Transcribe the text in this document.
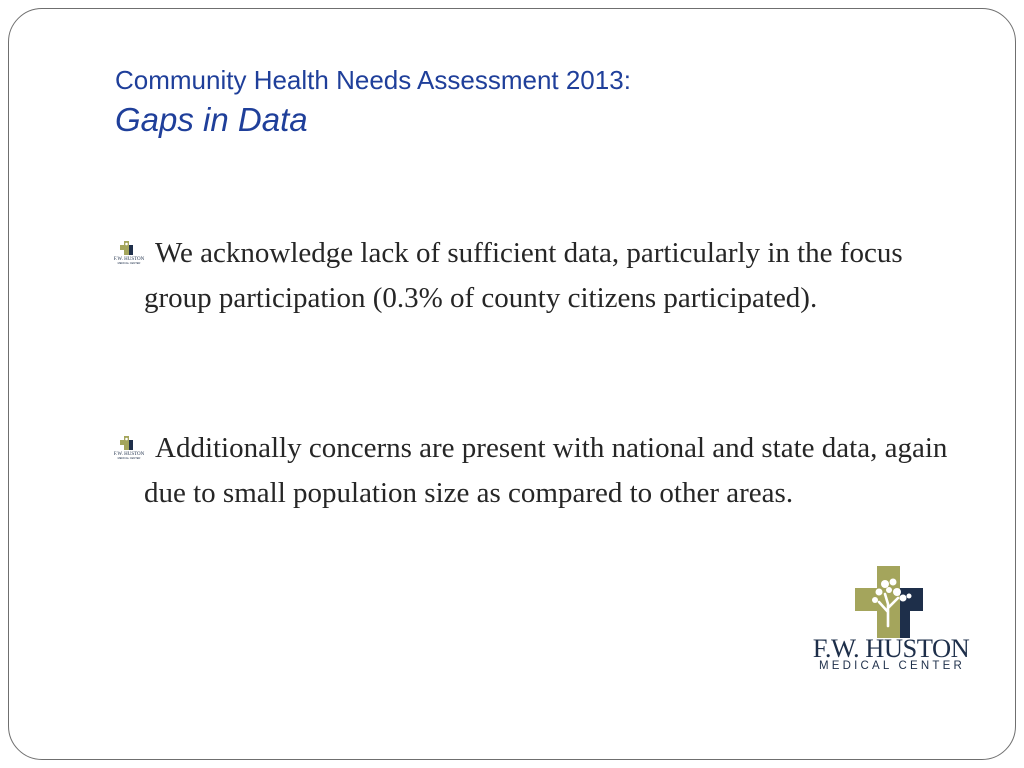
Community Health Needs Assessment 2013:
Gaps in Data
F.W. HUSTON
MEDICAL CENTER We acknowledge lack of sufficient data, particularly in the focus group participation (0.3% of county citizens participated).
F.W. HUSTON
MEDICAL CENTER Additionally concerns are present with national and state data, again due to small population size as compared to other areas.
F.W. HUSTON
MEDICAL CENTER
